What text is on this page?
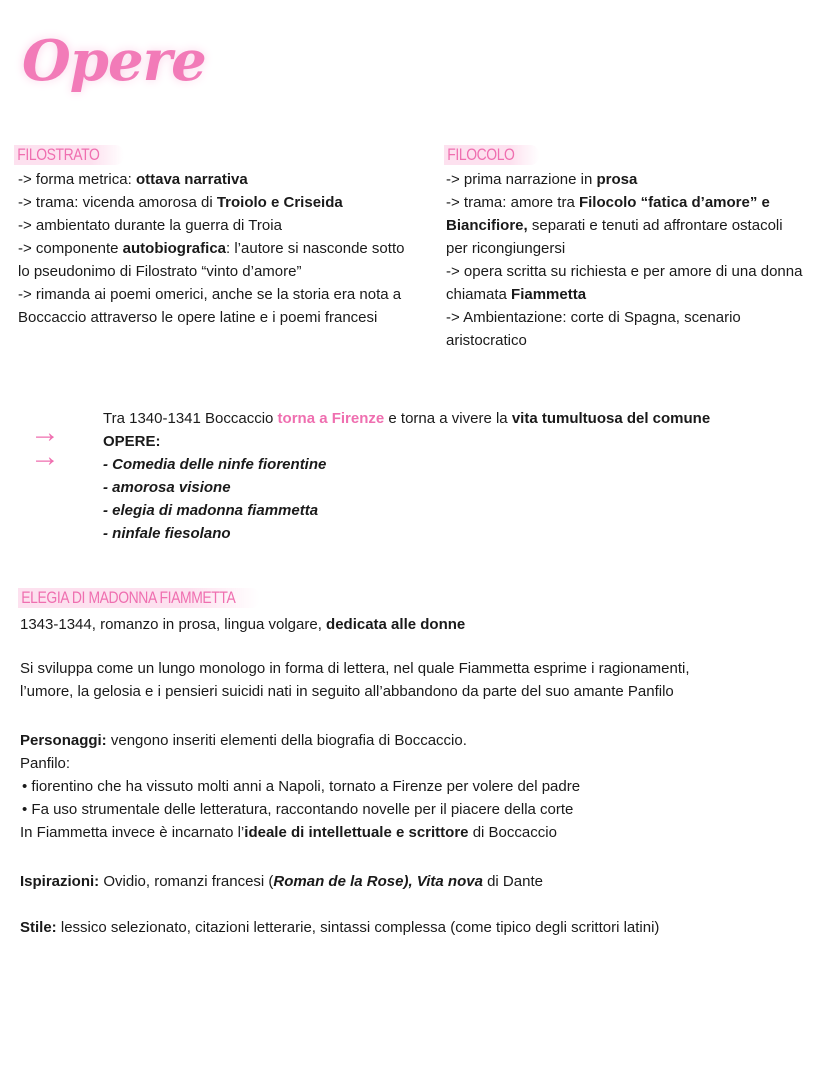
Opere
FILOSTRATO
-> forma metrica: ottava narrativa
-> trama: vicenda amorosa di Troiolo e Criseida
-> ambientato durante la guerra di Troia
-> componente autobiografica: l’autore si nasconde sotto lo pseudonimo di Filostrato “vinto d’amore”
-> rimanda ai poemi omerici, anche se la storia era nota a Boccaccio attraverso le opere latine e i poemi francesi
FILOCOLO
-> prima narrazione in prosa
-> trama: amore tra Filocolo “fatica d’amore” e Biancifiore, separati e tenuti ad affrontare ostacoli per ricongiungersi
-> opera scritta su richiesta e per amore di una donna chiamata Fiammetta
-> Ambientazione: corte di Spagna, scenario aristocratico
→
→
Tra 1340-1341 Boccaccio torna a Firenze e torna a vivere la vita tumultuosa del comune
OPERE:
- Comedia delle ninfe fiorentine
- amorosa visione
- elegia di madonna fiammetta
- ninfale fiesolano
ELEGIA DI MADONNA FIAMMETTA
1343-1344, romanzo in prosa, lingua volgare, dedicata alle donne
Si sviluppa come un lungo monologo in forma di lettera, nel quale Fiammetta esprime i ragionamenti,
l’umore, la gelosia e i pensieri suicidi nati in seguito all’abbandono da parte del suo amante Panfilo
Personaggi: vengono inseriti elementi della biografia di Boccaccio.
Panfilo:
• fiorentino che ha vissuto molti anni a Napoli, tornato a Firenze per volere del padre
• Fa uso strumentale delle letteratura, raccontando novelle per il piacere della corte
In Fiammetta invece è incarnato l’ideale di intellettuale e scrittore di Boccaccio
Ispirazioni: Ovidio, romanzi francesi (Roman de la Rose), Vita nova di Dante
Stile: lessico selezionato, citazioni letterarie, sintassi complessa (come tipico degli scrittori latini)
